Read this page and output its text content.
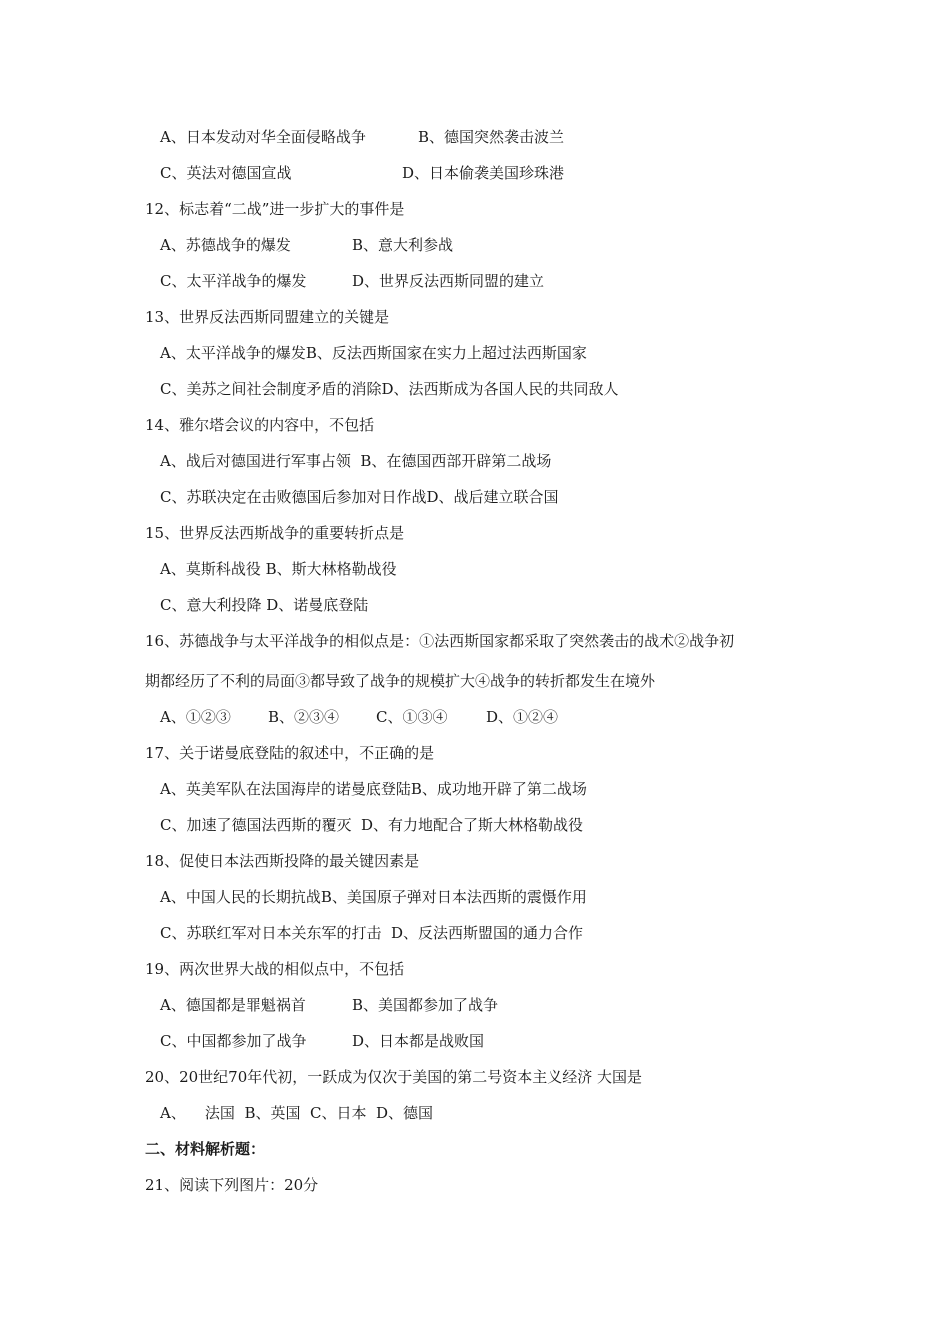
A、日本发动对华全面侵略战争	B、德国突然袭击波兰
C、英法对德国宣战	D、日本偷袭美国珍珠港
12、标志着“二战”进一步扩大的事件是
A、苏德战争的爆发	B、意大利参战
C、太平洋战争的爆发	D、世界反法西斯同盟的建立
13、世界反法西斯同盟建立的关键是
A、太平洋战争的爆发B、反法西斯国家在实力上超过法西斯国家
C、美苏之间社会制度矛盾的消除D、法西斯成为各国人民的共同敌人
14、雅尔塔会议的内容中，不包括
A、战后对德国进行军事占领  B、在德国西部开辟第二战场
C、苏联决定在击败德国后参加对日作战D、战后建立联合国
15、世界反法西斯战争的重要转折点是
A、莫斯科战役 B、斯大林格勒战役
C、意大利投降 D、诺曼底登陆
16、苏德战争与太平洋战争的相似点是：①法西斯国家都采取了突然袭击的战术②战争初
期都经历了不利的局面③都导致了战争的规模扩大④战争的转折都发生在境外
A、①②③ B、②③④ C、①③④	D、①②④
17、关于诺曼底登陆的叙述中，不正确的是
A、英美军队在法国海岸的诺曼底登陆B、成功地开辟了第二战场
C、加速了德国法西斯的覆灭  D、有力地配合了斯大林格勒战役
18、促使日本法西斯投降的最关键因素是
A、中国人民的长期抗战B、美国原子弹对日本法西斯的震慑作用
C、苏联红军对日本关东军的打击  D、反法西斯盟国的通力合作
19、两次世界大战的相似点中，不包括
A、德国都是罪魁祸首	B、美国都参加了战争
C、中国都参加了战争	D、日本都是战败国
20、20世纪70年代初，一跃成为仅次于美国的第二号资本主义经济 大国是
A、    法国  B、英国  C、日本  D、德国
二、材料解析题：
21、阅读下列图片：20分
